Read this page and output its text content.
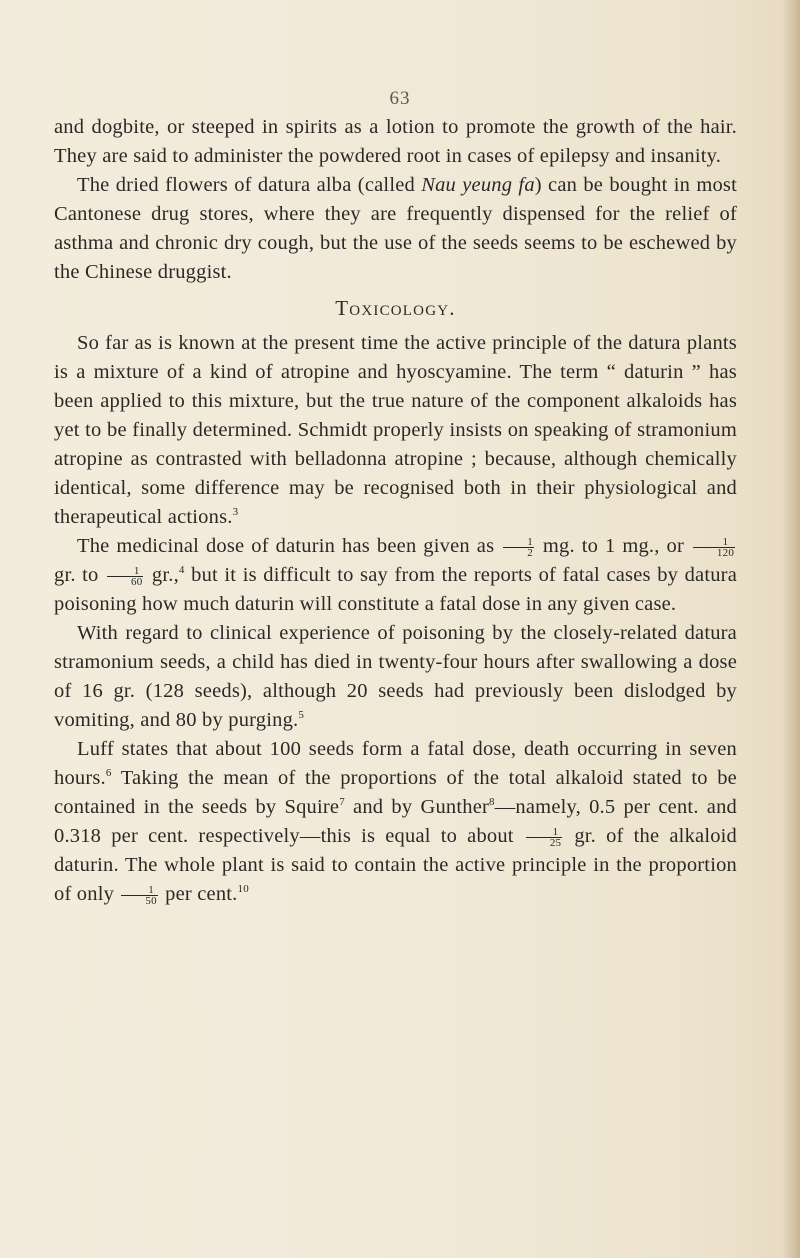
63

and dogbite, or steeped in spirits as a lotion to promote the growth of the hair. They are said to administer the powdered root in cases of epilepsy and insanity.

The dried flowers of datura alba (called Nau yeung fa) can be bought in most Cantonese drug stores, where they are frequently dispensed for the relief of asthma and chronic dry cough, but the use of the seeds seems to be eschewed by the Chinese druggist.

Toxicology.

So far as is known at the present time the active principle of the datura plants is a mixture of a kind of atropine and hyoscyamine. The term “ daturin ” has been applied to this mixture, but the true nature of the component alkaloids has yet to be finally determined. Schmidt properly insists on speaking of stramonium atropine as contrasted with belladonna atropine ; because, although chemically identical, some difference may be recognised both in their physiological and therapeutical actions.$^3$

The medicinal dose of daturin has been given as $\frac{1}{2}$ mg. to 1 mg., or $\frac{1}{120}$
gr. to $\frac{1}{60} gr.,^4$ but it is difficult to say from the reports of fatal cases by datura poisoning how much daturin will constitute a fatal dose in any given case.

With regard to clinical experience of poisoning by the closely-related datura stramonium seeds, a child has died in twenty-four hours after swallowing a dose of 16 gr. (128 seeds), although 20 seeds had previously been dislodged by vomiting, and 80 by purging.$^5$

Luff states that about 100 seeds form a fatal dose, death occurring in seven hours.$^6$ Taking the mean of the proportions of the total alkaloid stated to be contained in the seeds by Squire$^7$ and by Gunther$^8$—namely, 0.5 per cent. and 0.318 per cent. respectively—this is equal to about $\frac{1}{25}$ gr. of the alkaloid daturin. The whole plant is said to contain the active principle in the proportion of only $\frac{1}{50}$ per cent.$^{10}$
